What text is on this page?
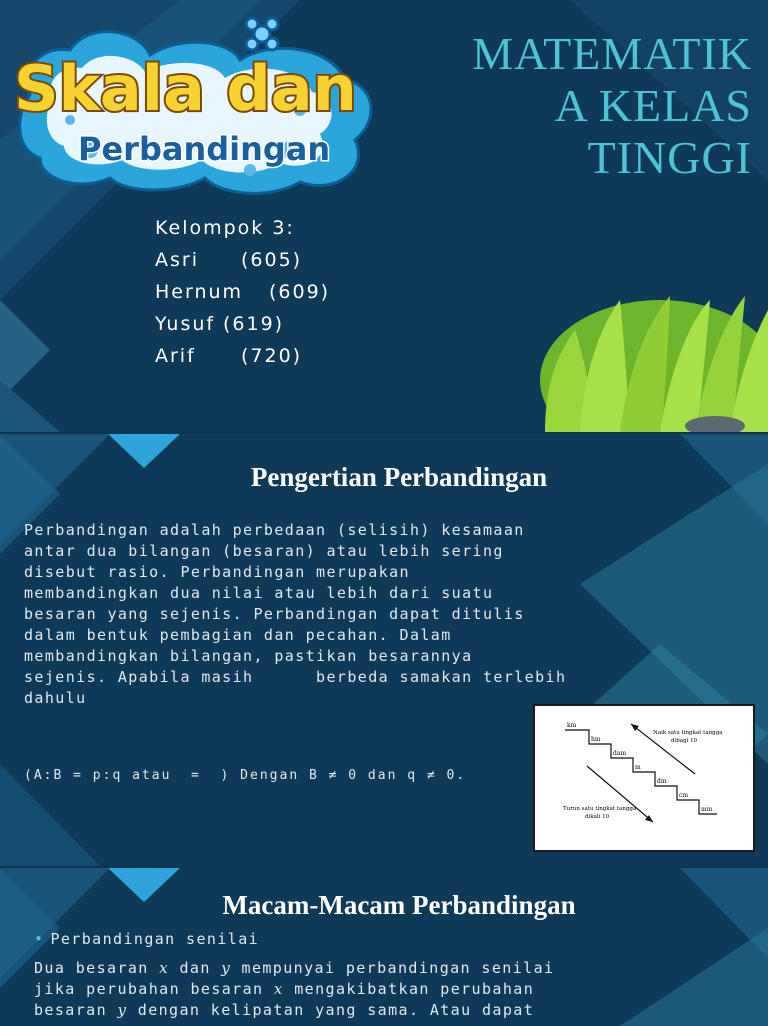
Skala dan
Perbandingan
MATEMATIK
A KELAS
TINGGI
Kelompok 3:
Asri	(605)
Hernum	(609)
Yusuf (619)
Arif	(720)
Pengertian Perbandingan
Perbandingan adalah perbedaan (selisih) kesamaan
antar dua bilangan (besaran) atau lebih sering
disebut rasio. Perbandingan merupakan
membandingkan dua nilai atau lebih dari suatu
besaran yang sejenis. Perbandingan dapat ditulis
dalam bentuk pembagian dan pecahan. Dalam
membandingkan bilangan, pastikan besarannya
sejenis. Apabila masih      berbeda samakan terlebih
dahulu

(A:B = p:q atau  =  ) Dengan B ≠ 0 dan q ≠ 0.

km
hm
dam
m
dm
cm
mm
Naik satu tingkat tangga
dibagi 10
Turun satu tingkat tangga
dikali 10
Macam-Macam Perbandingan

• Perbandingan senilai

Dua besaran x dan y mempunyai perbandingan senilai
jika perubahan besaran x mengakibatkan perubahan
besaran y dengan kelipatan yang sama. Atau dapat
